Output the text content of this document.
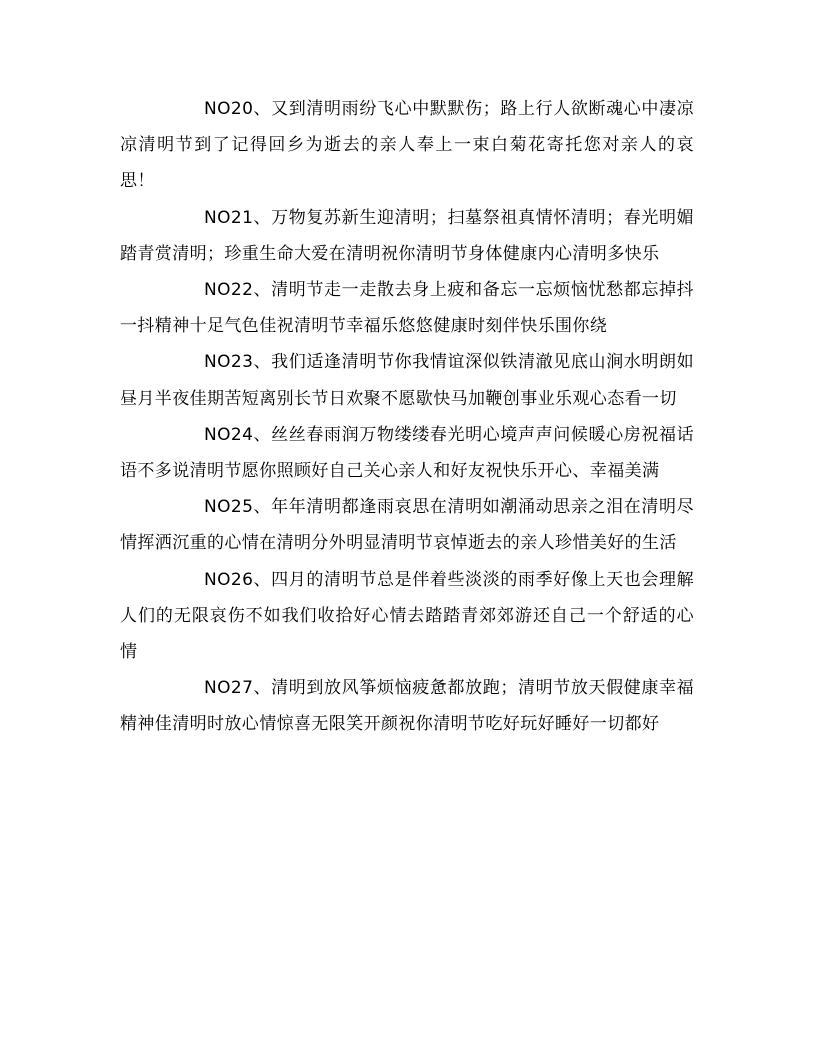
NO20、又到清明雨纷飞心中默默伤；路上行人欲断魂心中凄凉凉清明节到了记得回乡为逝去的亲人奉上一束白菊花寄托您对亲人的哀思！

NO21、万物复苏新生迎清明；扫墓祭祖真情怀清明；春光明媚踏青赏清明；珍重生命大爱在清明祝你清明节身体健康内心清明多快乐

NO22、清明节走一走散去身上疲和备忘一忘烦恼忧愁都忘掉抖一抖精神十足气色佳祝清明节幸福乐悠悠健康时刻伴快乐围你绕

NO23、我们适逢清明节你我情谊深似铁清澈见底山涧水明朗如昼月半夜佳期苦短离别长节日欢聚不愿歇快马加鞭创事业乐观心态看一切

NO24、丝丝春雨润万物缕缕春光明心境声声问候暖心房祝福话语不多说清明节愿你照顾好自己关心亲人和好友祝快乐开心、幸福美满

NO25、年年清明都逢雨哀思在清明如潮涌动思亲之泪在清明尽情挥洒沉重的心情在清明分外明显清明节哀悼逝去的亲人珍惜美好的生活

NO26、四月的清明节总是伴着些淡淡的雨季好像上天也会理解人们的无限哀伤不如我们收拾好心情去踏踏青郊郊游还自己一个舒适的心情

NO27、清明到放风筝烦恼疲惫都放跑；清明节放天假健康幸福精神佳清明时放心情惊喜无限笑开颜祝你清明节吃好玩好睡好一切都好
